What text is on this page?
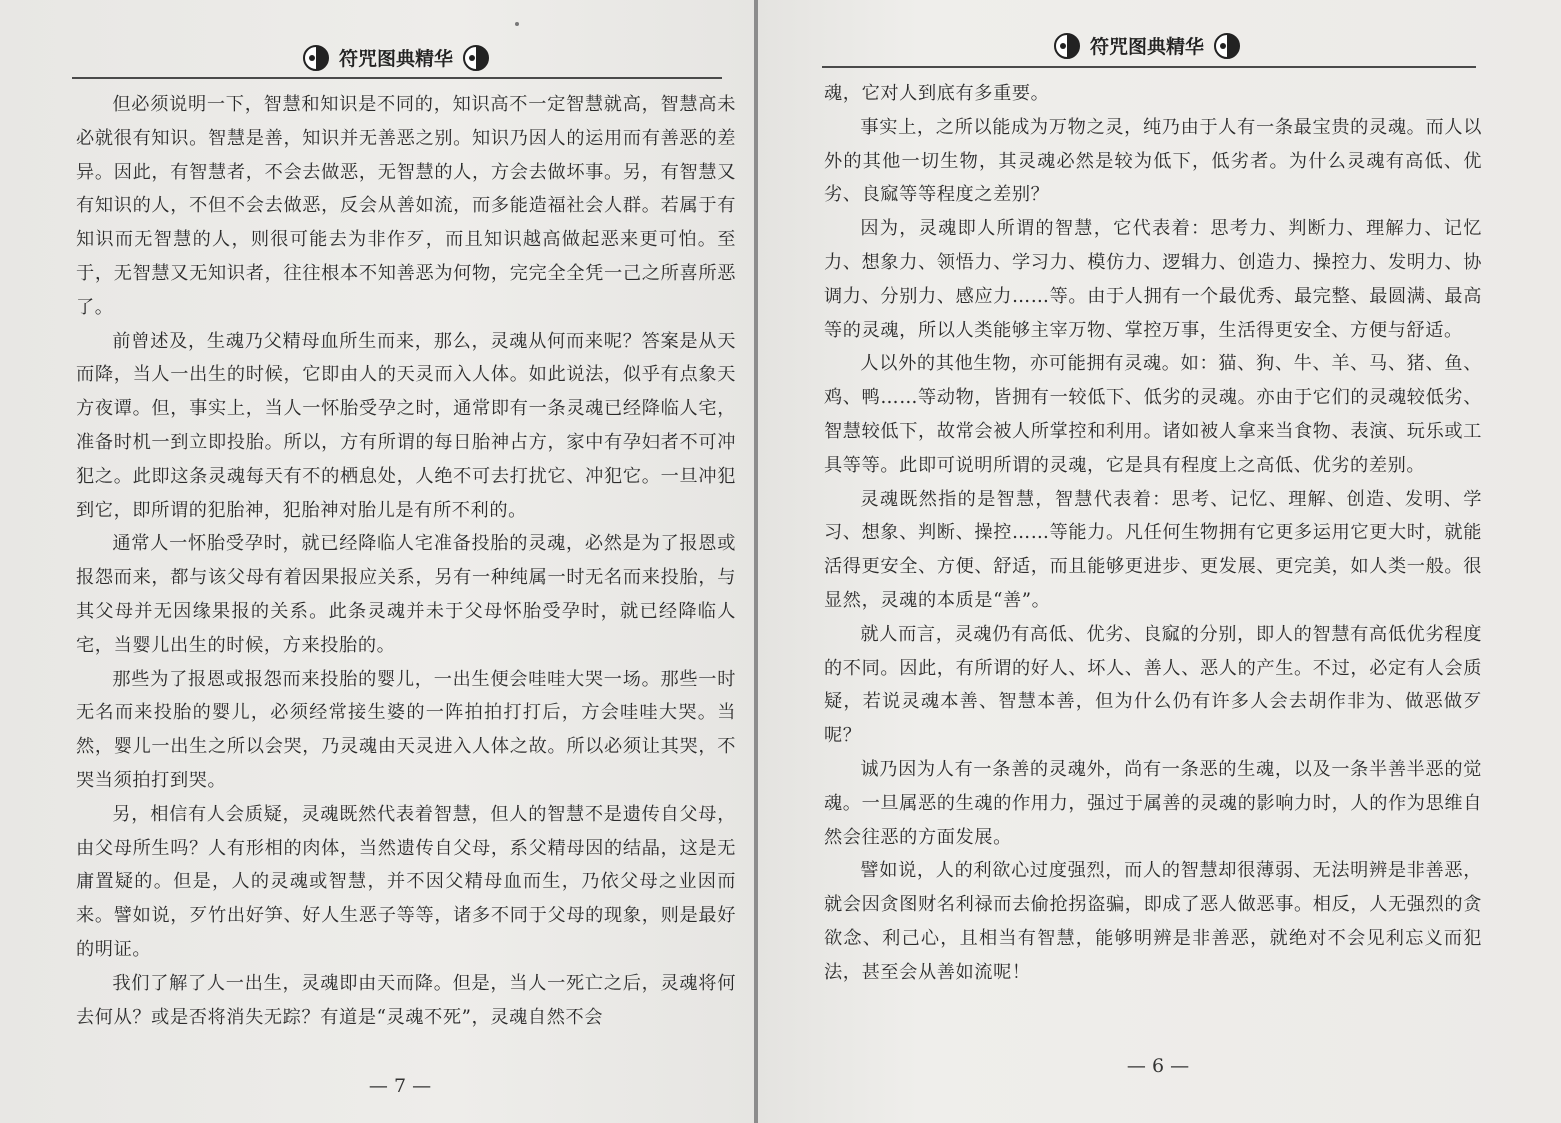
符咒图典精华

但必须说明一下，智慧和知识是不同的，知识高不一定智慧就高，智慧高未必就很有知识。智慧是善，知识并无善恶之别。知识乃因人的运用而有善恶的差异。因此，有智慧者，不会去做恶，无智慧的人，方会去做坏事。另，有智慧又有知识的人，不但不会去做恶，反会从善如流，而多能造福社会人群。若属于有知识而无智慧的人，则很可能去为非作歹，而且知识越高做起恶来更可怕。至于，无智慧又无知识者，往往根本不知善恶为何物，完完全全凭一己之所喜所恶了。

前曾述及，生魂乃父精母血所生而来，那么，灵魂从何而来呢？答案是从天而降，当人一出生的时候，它即由人的天灵而入人体。如此说法，似乎有点象天方夜谭。但，事实上，当人一怀胎受孕之时，通常即有一条灵魂已经降临人宅，准备时机一到立即投胎。所以，方有所谓的每日胎神占方，家中有孕妇者不可冲犯之。此即这条灵魂每天有不的栖息处，人绝不可去打扰它、冲犯它。一旦冲犯到它，即所谓的犯胎神，犯胎神对胎儿是有所不利的。

通常人一怀胎受孕时，就已经降临人宅准备投胎的灵魂，必然是为了报恩或报怨而来，都与该父母有着因果报应关系，另有一种纯属一时无名而来投胎，与其父母并无因缘果报的关系。此条灵魂并未于父母怀胎受孕时，就已经降临人宅，当婴儿出生的时候，方来投胎的。

那些为了报恩或报怨而来投胎的婴儿，一出生便会哇哇大哭一场。那些一时无名而来投胎的婴儿，必须经常接生婆的一阵拍拍打打后，方会哇哇大哭。当然，婴儿一出生之所以会哭，乃灵魂由天灵进入人体之故。所以必须让其哭，不哭当须拍打到哭。

另，相信有人会质疑，灵魂既然代表着智慧，但人的智慧不是遗传自父母，由父母所生吗？人有形相的肉体，当然遗传自父母，系父精母因的结晶，这是无庸置疑的。但是，人的灵魂或智慧，并不因父精母血而生，乃依父母之业因而来。譬如说，歹竹出好笋、好人生恶子等等，诸多不同于父母的现象，则是最好的明证。

我们了解了人一出生，灵魂即由天而降。但是，当人一死亡之后，灵魂将何去何从？或是否将消失无踪？有道是“灵魂不死”，灵魂自然不会

— 7 —
符咒图典精华

魂，它对人到底有多重要。

事实上，之所以能成为万物之灵，纯乃由于人有一条最宝贵的灵魂。而人以外的其他一切生物，其灵魂必然是较为低下，低劣者。为什么灵魂有高低、优劣、良窳等等程度之差别？

因为，灵魂即人所谓的智慧，它代表着：思考力、判断力、理解力、记忆力、想象力、领悟力、学习力、模仿力、逻辑力、创造力、操控力、发明力、协调力、分别力、感应力……等。由于人拥有一个最优秀、最完整、最圆满、最高等的灵魂，所以人类能够主宰万物、掌控万事，生活得更安全、方便与舒适。

人以外的其他生物，亦可能拥有灵魂。如：猫、狗、牛、羊、马、猪、鱼、鸡、鸭……等动物，皆拥有一较低下、低劣的灵魂。亦由于它们的灵魂较低劣、智慧较低下，故常会被人所掌控和利用。诸如被人拿来当食物、表演、玩乐或工具等等。此即可说明所谓的灵魂，它是具有程度上之高低、优劣的差别。

灵魂既然指的是智慧，智慧代表着：思考、记忆、理解、创造、发明、学习、想象、判断、操控……等能力。凡任何生物拥有它更多运用它更大时，就能活得更安全、方便、舒适，而且能够更进步、更发展、更完美，如人类一般。很显然，灵魂的本质是“善”。

就人而言，灵魂仍有高低、优劣、良窳的分别，即人的智慧有高低优劣程度的不同。因此，有所谓的好人、坏人、善人、恶人的产生。不过，必定有人会质疑，若说灵魂本善、智慧本善，但为什么仍有许多人会去胡作非为、做恶做歹呢？

诚乃因为人有一条善的灵魂外，尚有一条恶的生魂，以及一条半善半恶的觉魂。一旦属恶的生魂的作用力，强过于属善的灵魂的影响力时，人的作为思维自然会往恶的方面发展。

譬如说，人的利欲心过度强烈，而人的智慧却很薄弱、无法明辨是非善恶，就会因贪图财名利禄而去偷抢拐盗骗，即成了恶人做恶事。相反，人无强烈的贪欲念、利己心，且相当有智慧，能够明辨是非善恶，就绝对不会见利忘义而犯法，甚至会从善如流呢！

— 6 —
